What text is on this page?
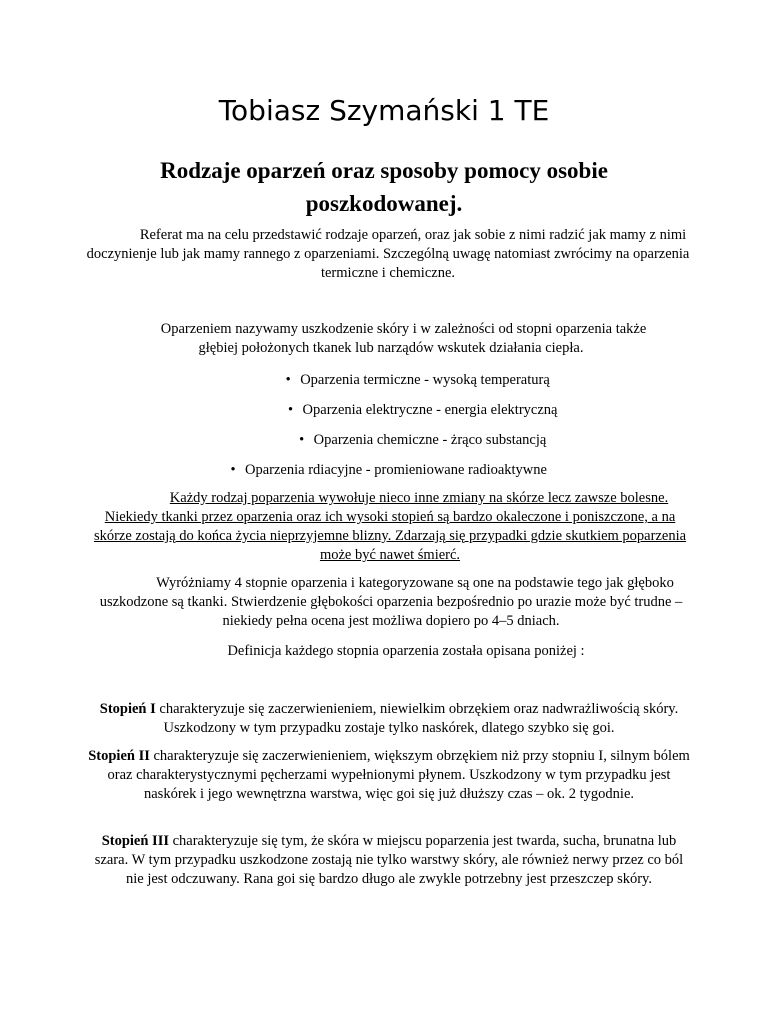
Tobiasz Szymański 1 TE
Rodzaje oparzeń oraz sposoby pomocy osobie poszkodowanej.

Referat ma na celu przedstawić rodzaje oparzeń, oraz jak sobie z nimi radzić jak mamy z nimi doczynienje lub jak mamy rannego z oparzeniami. Szczególną uwagę natomiast zwrócimy na oparzenia termiczne i chemiczne.

Oparzeniem nazywamy uszkodzenie skóry i w zależności od stopni oparzenia także głębiej położonych tkanek lub narządów wskutek działania ciepła.

• Oparzenia termiczne - wysoką temperaturą
• Oparzenia elektryczne - energia elektryczną
• Oparzenia chemiczne - żrąco substancją
• Oparzenia rdiacyjne - promieniowane radioaktywne

Każdy rodzaj poparzenia wywołuje nieco inne zmiany na skórze lecz zawsze bolesne. Niekiedy tkanki przez oparzenia oraz ich wysoki stopień są bardzo okaleczone i poniszczone, a na skórze zostają do końca życia nieprzyjemne blizny. Zdarzają się przypadki gdzie skutkiem poparzenia może być nawet śmierć.

Wyróżniamy 4 stopnie oparzenia i kategoryzowane są one na podstawie tego jak głęboko uszkodzone są tkanki. Stwierdzenie głębokości oparzenia bezpośrednio po urazie może być trudne – niekiedy pełna ocena jest możliwa dopiero po 4–5 dniach.

Definicja każdego stopnia oparzenia została opisana poniżej :

Stopień I charakteryzuje się zaczerwienieniem, niewielkim obrzękiem oraz nadwrażliwością skóry. Uszkodzony w tym przypadku zostaje tylko naskórek, dlatego szybko się goi.

Stopień II charakteryzuje się zaczerwienieniem, większym obrzękiem niż przy stopniu I, silnym bólem oraz charakterystycznymi pęcherzami wypełnionymi płynem. Uszkodzony w tym przypadku jest naskórek i jego wewnętrzna warstwa, więc goi się już dłuższy czas – ok. 2 tygodnie.

Stopień III charakteryzuje się tym, że skóra w miejscu poparzenia jest twarda, sucha, brunatna lub szara. W tym przypadku uszkodzone zostają nie tylko warstwy skóry, ale również nerwy przez co ból nie jest odczuwany. Rana goi się bardzo długo ale zwykle potrzebny jest przeszczep skóry.
